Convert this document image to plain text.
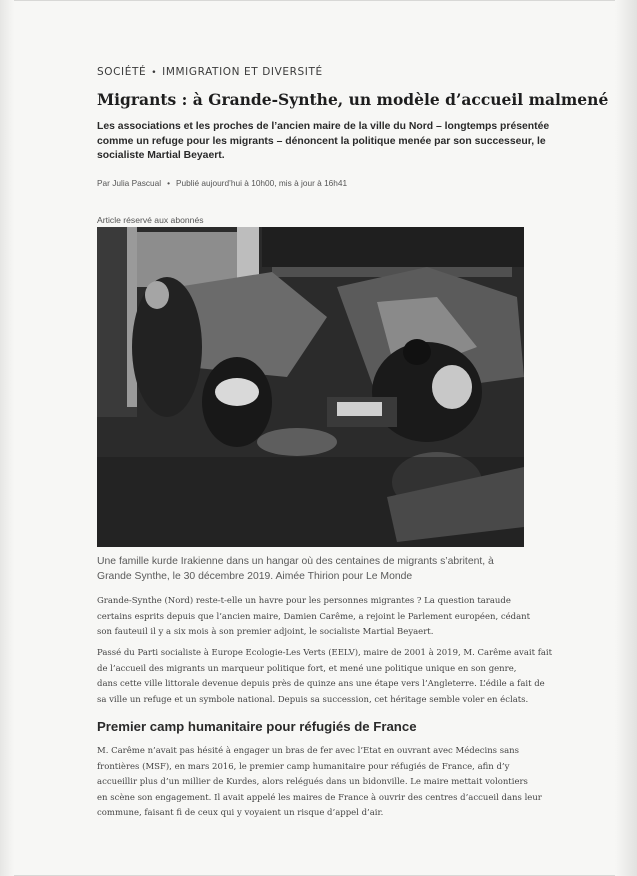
SOCIÉTÉ • IMMIGRATION ET DIVERSITÉ

Migrants : à Grande-Synthe, un modèle d’accueil malmené

Les associations et les proches de l’ancien maire de la ville du Nord – longtemps présentée
comme un refuge pour les migrants – dénoncent la politique menée par son successeur, le
socialiste Martial Beyaert.

Par Julia Pascual • Publié aujourd’hui à 10h00, mis à jour à 16h41

Article réservé aux abonnés
Une famille kurde Irakienne dans un hangar où des centaines de migrants s’abritent, à
Grande Synthe, le 30 décembre 2019. Aimée Thirion pour Le Monde
Grande-Synthe (Nord) reste-t-elle un havre pour les personnes migrantes ? La question taraude
certains esprits depuis que l’ancien maire, Damien Carême, a rejoint le Parlement européen, cédant
son fauteuil il y a six mois à son premier adjoint, le socialiste Martial Beyaert.
Passé du Parti socialiste à Europe Ecologie-Les Verts (EELV), maire de 2001 à 2019, M. Carême avait fait
de l’accueil des migrants un marqueur politique fort, et mené une politique unique en son genre,
dans cette ville littorale devenue depuis près de quinze ans une étape vers l’Angleterre. L’édile a fait de
sa ville un refuge et un symbole national. Depuis sa succession, cet héritage semble voler en éclats.
Premier camp humanitaire pour réfugiés de France
M. Carême n’avait pas hésité à engager un bras de fer avec l’Etat en ouvrant avec Médecins sans
frontières (MSF), en mars 2016, le premier camp humanitaire pour réfugiés de France, afin d’y
accueillir plus d’un millier de Kurdes, alors relégués dans un bidonville. Le maire mettait volontiers
en scène son engagement. Il avait appelé les maires de France à ouvrir des centres d’accueil dans leur
commune, faisant fi de ceux qui y voyaient un risque d’appel d’air.
